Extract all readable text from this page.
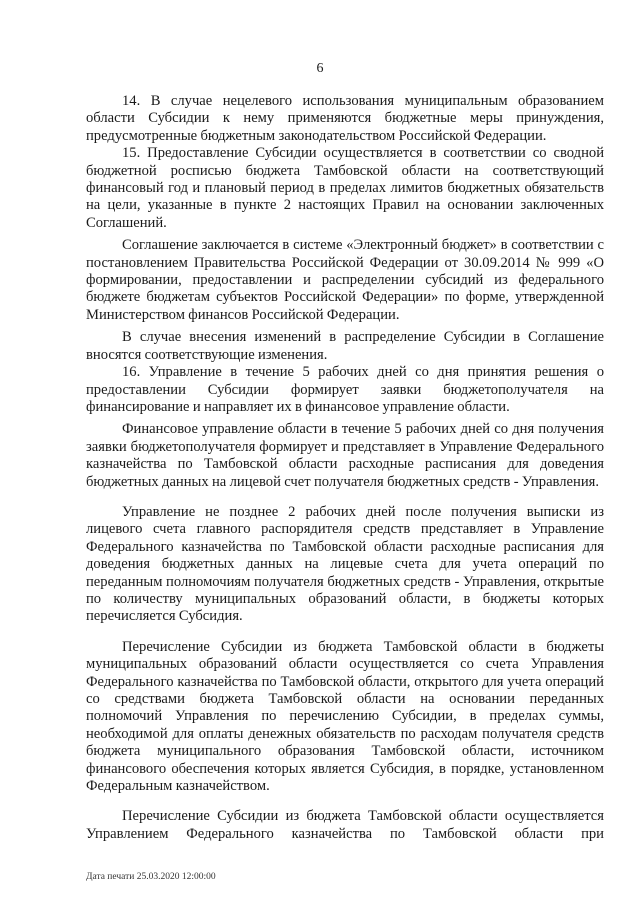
6

14. В случае нецелевого использования муниципальным образованием области Субсидии к нему применяются бюджетные меры принуждения, предусмотренные бюджетным законодательством Российской Федерации.

15. Предоставление Субсидии осуществляется в соответствии со сводной бюджетной росписью бюджета Тамбовской области на соответствующий финансовый год и плановый период в пределах лимитов бюджетных обязательств на цели, указанные в пункте 2 настоящих Правил на основании заключенных Соглашений.

Соглашение заключается в системе «Электронный бюджет» в соответствии с постановлением Правительства Российской Федерации от 30.09.2014 № 999 «О формировании, предоставлении и распределении субсидий из федерального бюджете бюджетам субъектов Российской Федерации» по форме, утвержденной Министерством финансов Российской Федерации.

В случае внесения изменений в распределение Субсидии в Соглашение вносятся соответствующие изменения.

16. Управление в течение 5 рабочих дней со дня принятия решения о предоставлении Субсидии формирует заявки бюджетополучателя на финансирование и направляет их в финансовое управление области.

Финансовое управление области в течение 5 рабочих дней со дня получения заявки бюджетополучателя формирует и представляет в Управление Федерального казначейства по Тамбовской области расходные расписания для доведения бюджетных данных на лицевой счет получателя бюджетных средств - Управления.

Управление не позднее 2 рабочих дней после получения выписки из лицевого счета главного распорядителя средств представляет в Управление Федерального казначейства по Тамбовской области расходные расписания для доведения бюджетных данных на лицевые счета для учета операций по переданным полномочиям получателя бюджетных средств - Управления, открытые по количеству муниципальных образований области, в бюджеты которых перечисляется Субсидия.

Перечисление Субсидии из бюджета Тамбовской области в бюджеты муниципальных образований области осуществляется со счета Управления Федерального казначейства по Тамбовской области, открытого для учета операций со средствами бюджета Тамбовской области на основании переданных полномочий Управления по перечислению Субсидии, в пределах суммы, необходимой для оплаты денежных обязательств по расходам получателя средств бюджета муниципального образования Тамбовской области, источником финансового обеспечения которых является Субсидия, в порядке, установленном Федеральным казначейством.

Перечисление Субсидии из бюджета Тамбовской области осуществляется Управлением Федерального казначейства по Тамбовской области при

Дата печати 25.03.2020 12:00:00
